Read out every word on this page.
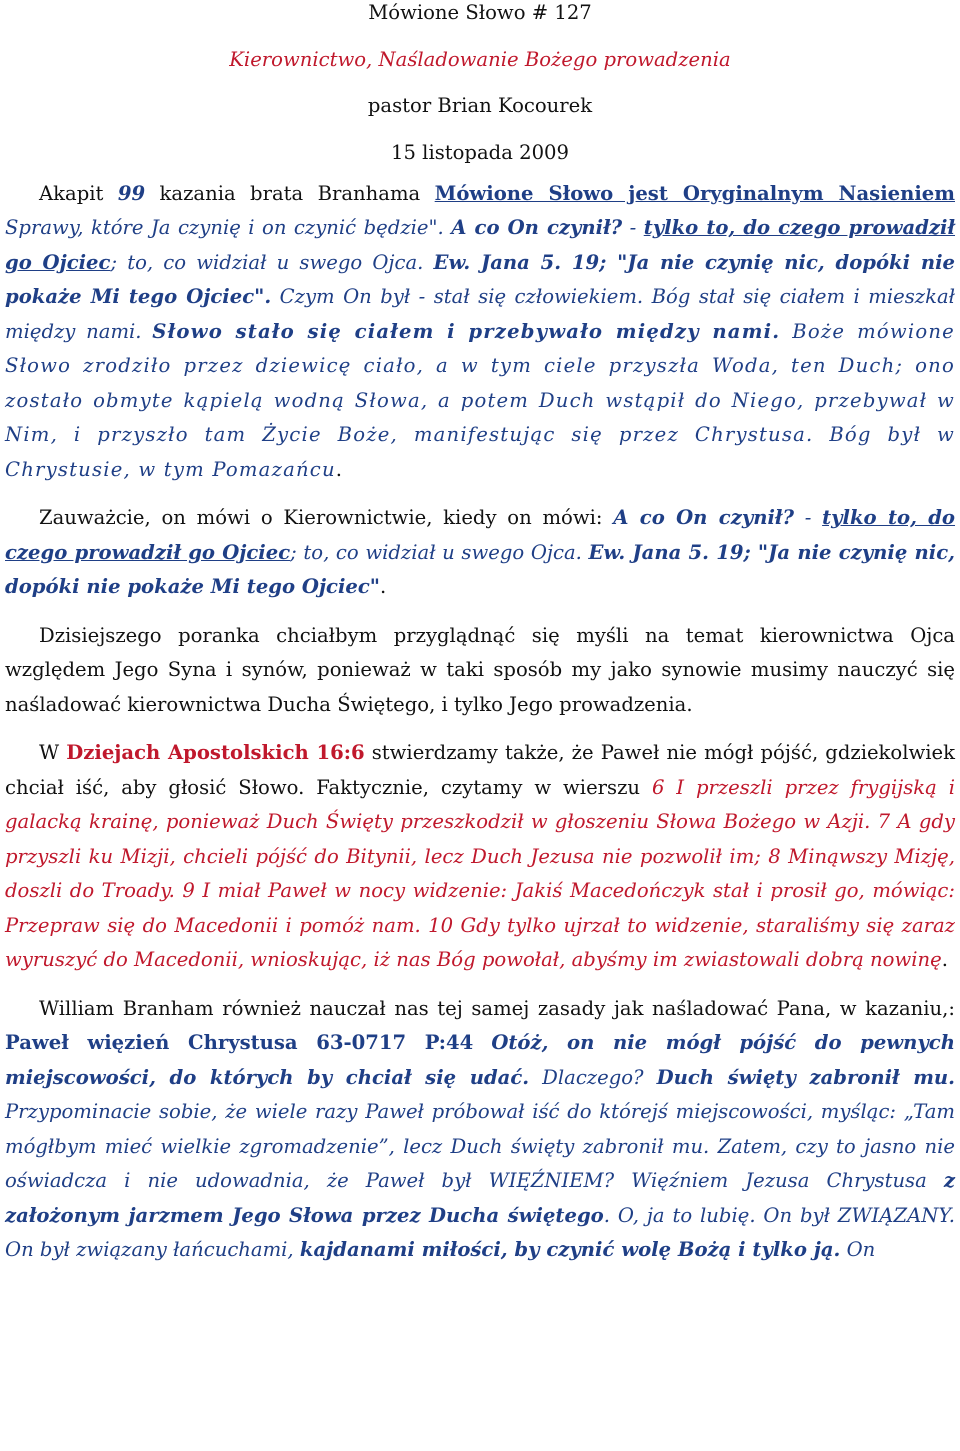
Mówione Słowo # 127

Kierownictwo, Naśladowanie Bożego prowadzenia

pastor Brian Kocourek

15 listopada 2009

Akapit 99 kazania brata Branhama Mówione Słowo jest Oryginalnym Nasieniem Sprawy, które Ja czynię i on czynić będzie". A co On czynił? - tylko to, do czego prowadził go Ojciec; to, co widział u swego Ojca. Ew. Jana 5. 19; "Ja nie czynię nic, dopóki nie pokaże Mi tego Ojciec". Czym On był - stał się człowiekiem. Bóg stał się ciałem i mieszkał między nami. Słowo stało się ciałem i przebywało między nami. Boże mówione Słowo zrodziło przez dziewicę ciało, a w tym ciele przyszła Woda, ten Duch; ono zostało obmyte kąpielą wodną Słowa, a potem Duch wstąpił do Niego, przebywał w Nim, i przyszło tam Życie Boże, manifestując się przez Chrystusa. Bóg był w Chrystusie, w tym Pomazańcu.

Zauważcie, on mówi o Kierownictwie, kiedy on mówi: A co On czynił? - tylko to, do czego prowadził go Ojciec; to, co widział u swego Ojca. Ew. Jana 5. 19; "Ja nie czynię nic, dopóki nie pokaże Mi tego Ojciec".

Dzisiejszego poranka chciałbym przyglądnąć się myśli na temat kierownictwa Ojca względem Jego Syna i synów, ponieważ w taki sposób my jako synowie musimy nauczyć się naśladować kierownictwa Ducha Świętego, i tylko Jego prowadzenia.

W Dziejach Apostolskich 16:6 stwierdzamy także, że Paweł nie mógł pójść, gdziekolwiek chciał iść, aby głosić Słowo. Faktycznie, czytamy w wierszu 6 I przeszli przez frygijską i galacką krainę, ponieważ Duch Święty przeszkodził w głoszeniu Słowa Bożego w Azji. 7 A gdy przyszli ku Mizji, chcieli pójść do Bitynii, lecz Duch Jezusa nie pozwolił im; 8 Minąwszy Mizję, doszli do Troady. 9 I miał Paweł w nocy widzenie: Jakiś Macedończyk stał i prosił go, mówiąc: Przepraw się do Macedonii i pomóż nam. 10 Gdy tylko ujrzał to widzenie, staraliśmy się zaraz wyruszyć do Macedonii, wnioskując, iż nas Bóg powołał, abyśmy im zwiastowali dobrą nowinę.

William Branham również nauczał nas tej samej zasady jak naśladować Pana, w kazaniu,: Paweł więzień Chrystusa 63-0717 P:44 Otóż, on nie mógł pójść do pewnych miejscowości, do których by chciał się udać. Dlaczego? Duch święty zabronił mu. Przypominacie sobie, że wiele razy Paweł próbował iść do którejś miejscowości, myśląc: „Tam mógłbym mieć wielkie zgromadzenie”, lecz Duch święty zabronił mu. Zatem, czy to jasno nie oświadcza i nie udowadnia, że Paweł był WIĘŹNIEM? Więźniem Jezusa Chrystusa z założonym jarzmem Jego Słowa przez Ducha świętego. O, ja to lubię. On był ZWIĄZANY. On był związany łańcuchami, kajdanami miłości, by czynić wolę Bożą i tylko ją. On
